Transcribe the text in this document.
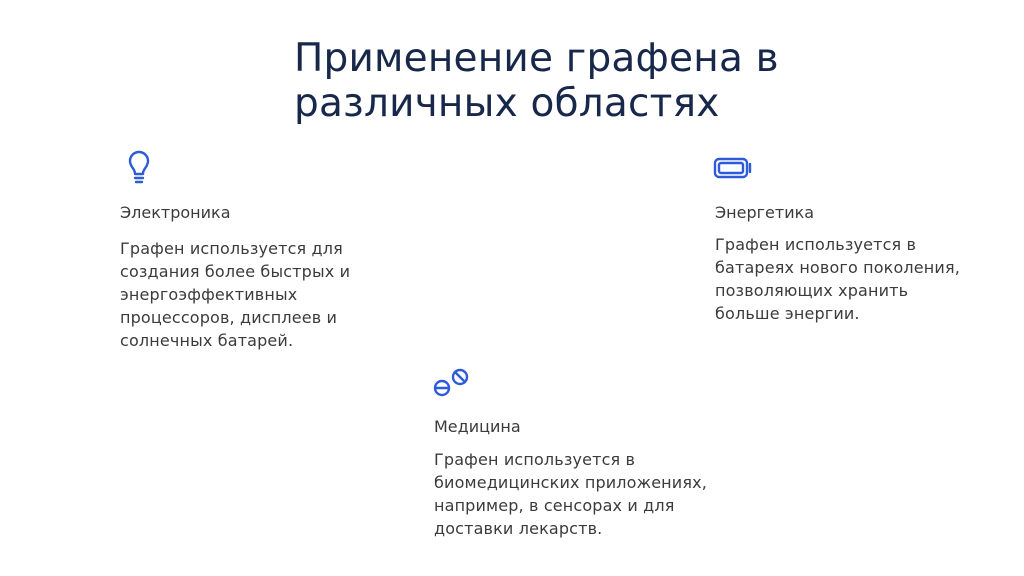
Применение графена в различных областях
Электроника
Графен используется для создания более быстрых и энергоэффективных процессоров, дисплеев и солнечных батарей.
Энергетика
Графен используется в батареях нового поколения, позволяющих хранить больше энергии.
Медицина
Графен используется в биомедицинских приложениях, например, в сенсорах и для доставки лекарств.
